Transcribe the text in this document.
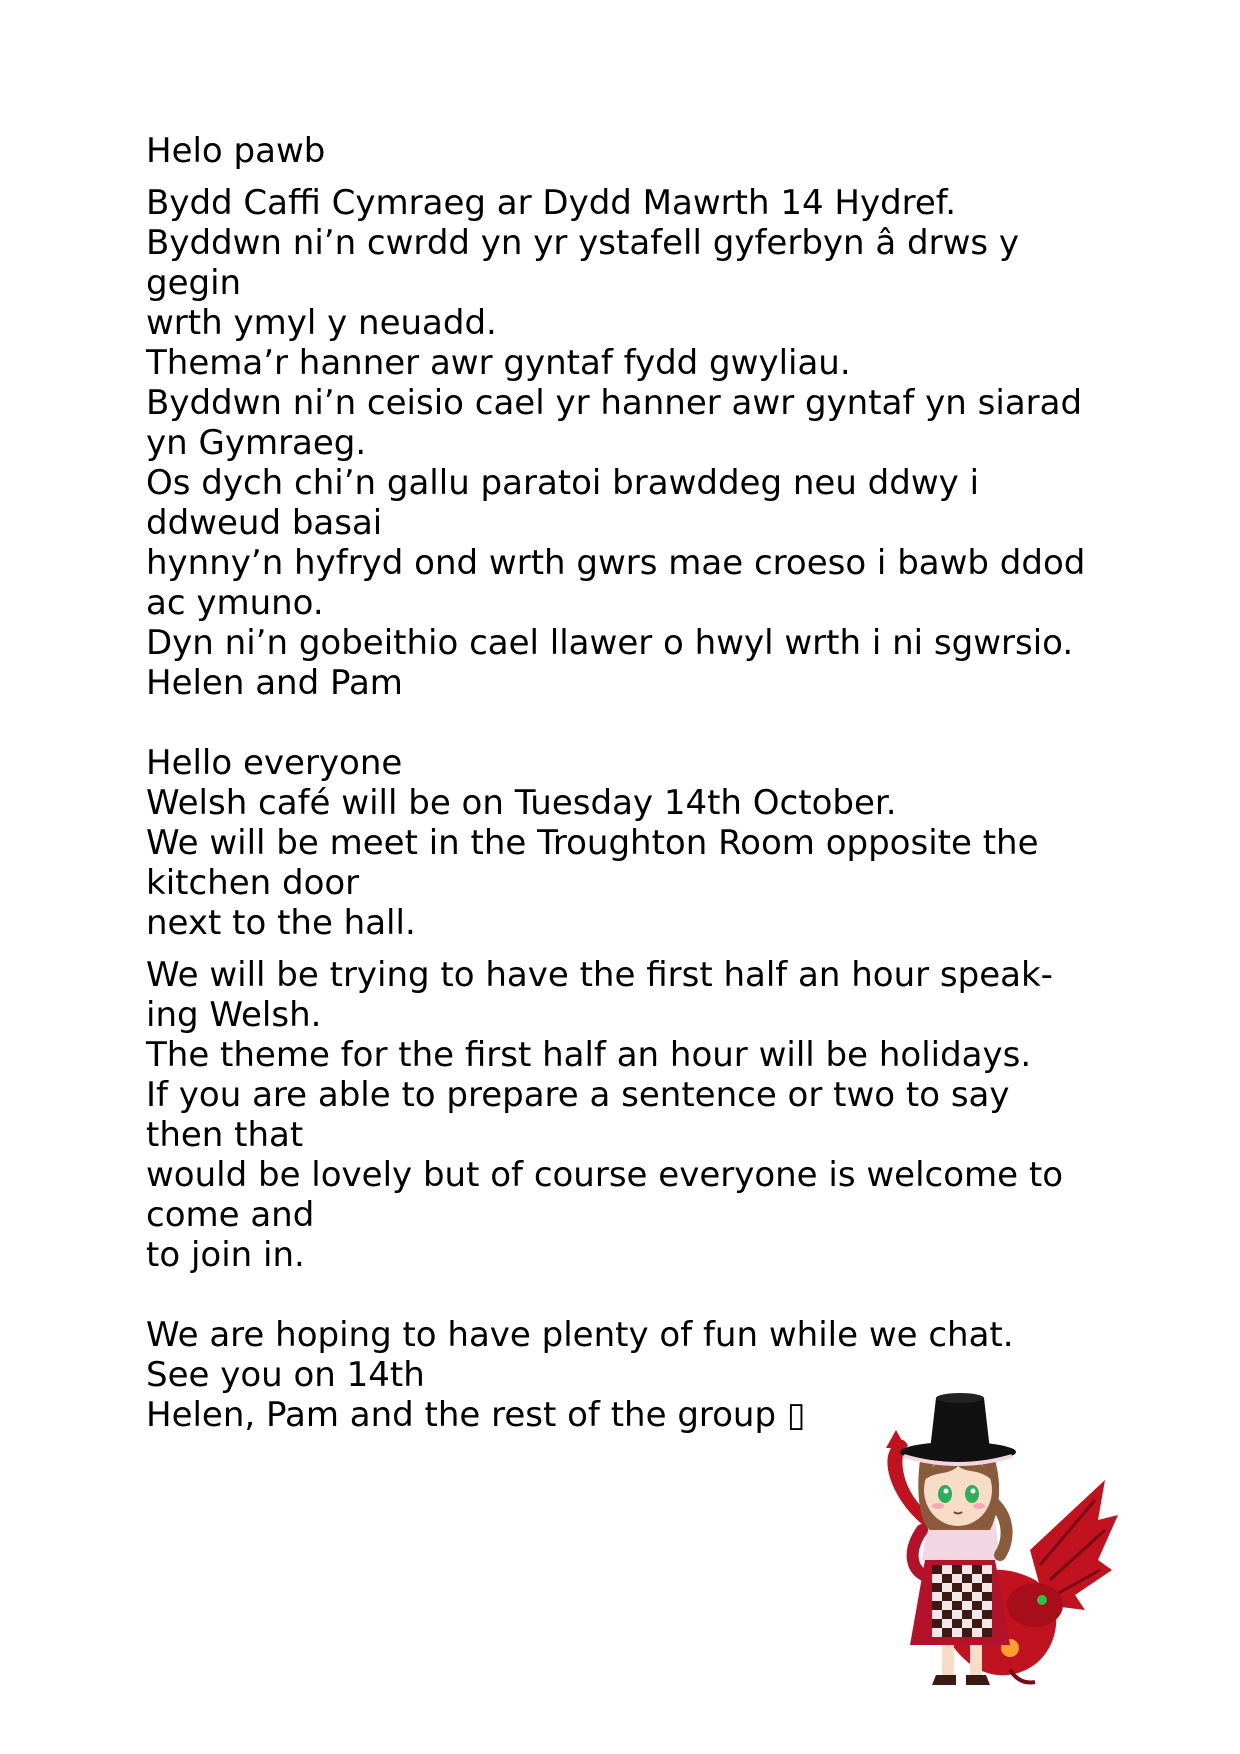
Helo pawb
Bydd Caffi Cymraeg ar Dydd Mawrth 14 Hydref.
Byddwn ni’n cwrdd yn yr ystafell gyferbyn â drws y
gegin
wrth ymyl y neuadd.
Thema’r hanner awr gyntaf fydd gwyliau.
Byddwn ni’n ceisio cael yr hanner awr gyntaf yn siarad
yn Gymraeg.
Os dych chi’n gallu paratoi brawddeg neu ddwy i
ddweud basai
hynny’n hyfryd ond wrth gwrs mae croeso i bawb ddod
ac ymuno.
Dyn ni’n gobeithio cael llawer o hwyl wrth i ni sgwrsio.
Helen and Pam
Hello everyone
Welsh café will be on Tuesday 14th October.
We will be meet in the Troughton Room opposite the
kitchen door
next to the hall.
We will be trying to have the first half an hour speak-
ing Welsh.
The theme for the first half an hour will be holidays.
If you are able to prepare a sentence or two to say
then that
would be lovely but of course everyone is welcome to
come and
to join in.
We are hoping to have plenty of fun while we chat.
See you on 14th
Helen, Pam and the rest of the group ▯
